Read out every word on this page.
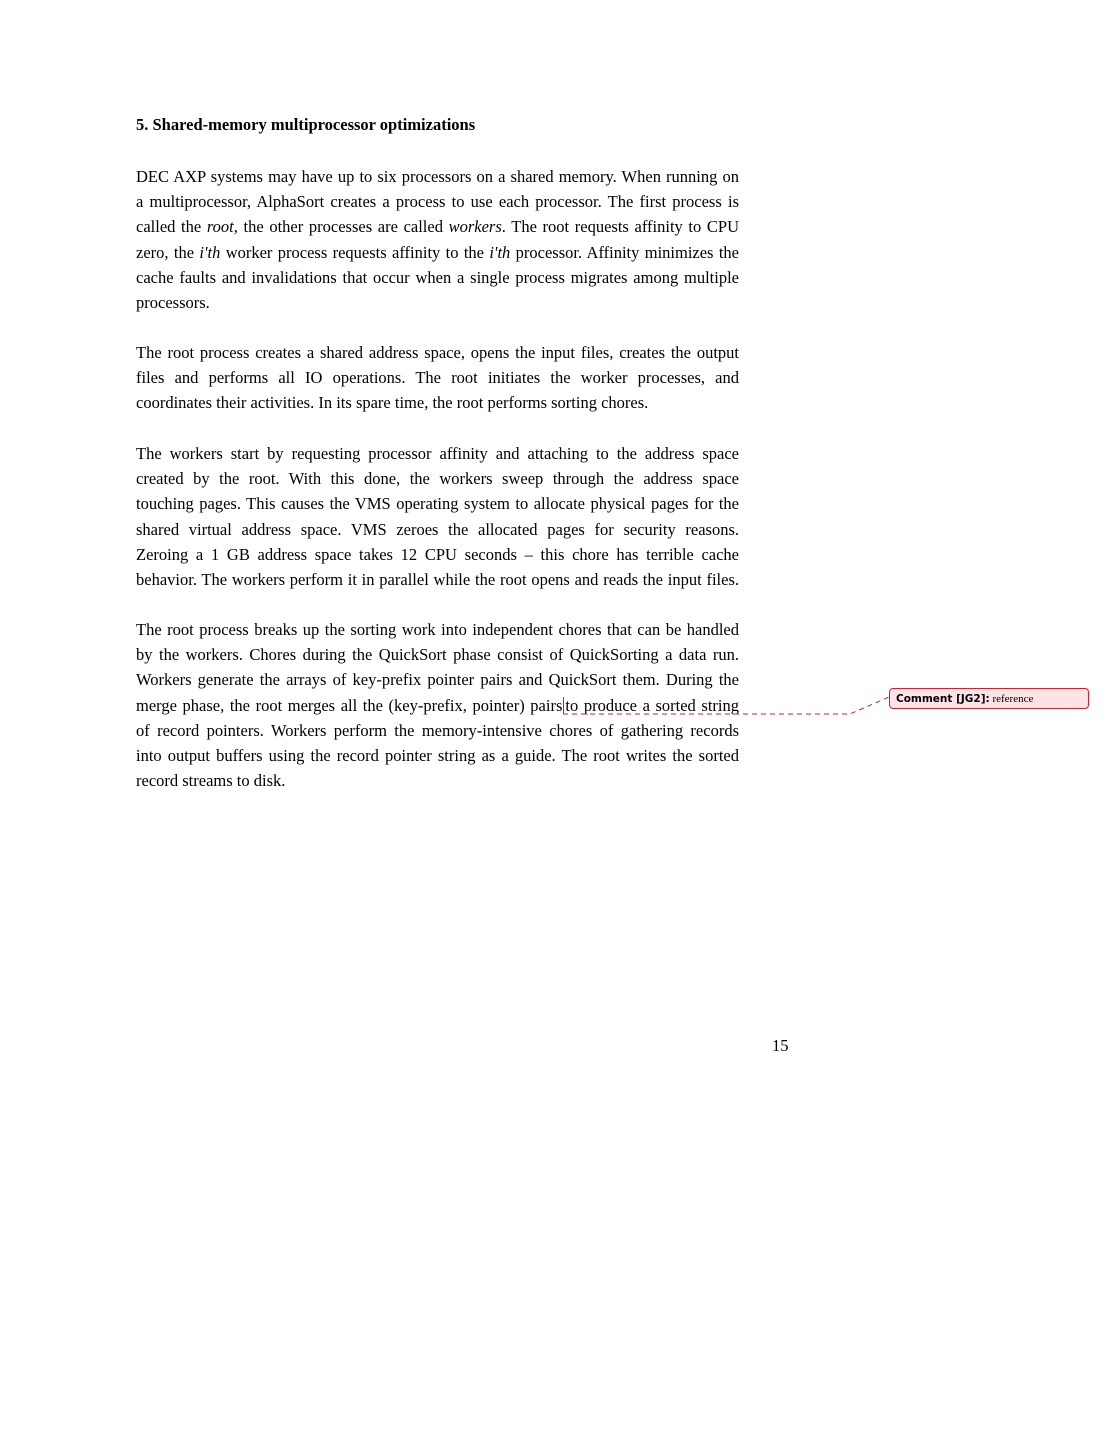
5. Shared-memory multiprocessor optimizations
DEC AXP systems may have up to six processors on a shared memory. When running on
a multiprocessor, AlphaSort creates a process to use each processor. The first process is
called the root, the other processes are called workers. The root requests affinity to CPU
zero, the i'th worker process requests affinity to the i'th processor. Affinity minimizes the
cache faults and invalidations that occur when a single process migrates among multiple
processors.
The root process creates a shared address space, opens the input files, creates the output
files and performs all IO operations. The root initiates the worker processes, and
coordinates their activities. In its spare time, the root performs sorting chores.
The workers start by requesting processor affinity and attaching to the address space
created by the root. With this done, the workers sweep through the address space
touching pages. This causes the VMS operating system to allocate physical pages for the
shared virtual address space. VMS zeroes the allocated pages for security reasons.
Zeroing a 1 GB address space takes 12 CPU seconds – this chore has terrible cache
behavior. The workers perform it in parallel while the root opens and reads the input files.
The root process breaks up the sorting work into independent chores that can be handled
by the workers. Chores during the QuickSort phase consist of QuickSorting a data run.
Workers generate the arrays of key-prefix pointer pairs and QuickSort them. During the
merge phase, the root merges all the (key-prefix, pointer) pairs to produce a sorted string
of record pointers. Workers perform the memory-intensive chores of gathering records
into output buffers using the record pointer string as a guide. The root writes the sorted
record streams to disk.
15
Comment [JG2]: reference
